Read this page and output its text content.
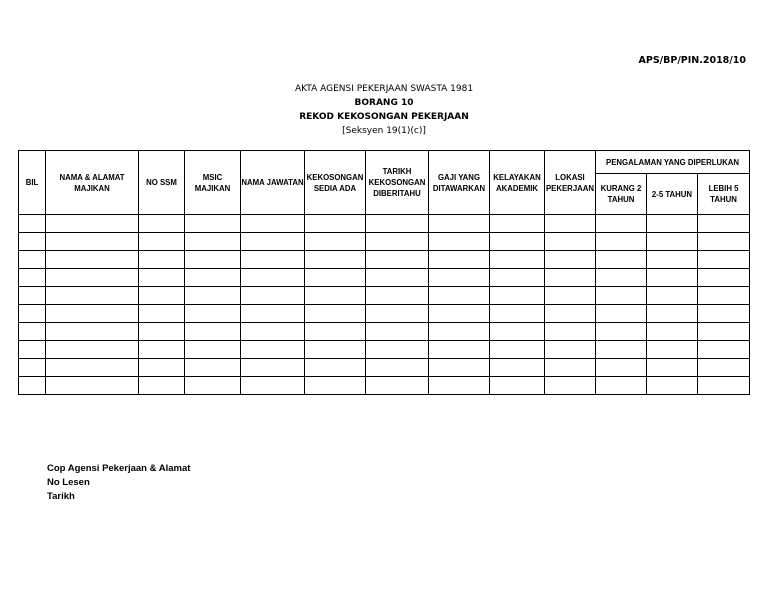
APS/BP/PIN.2018/10
AKTA AGENSI PEKERJAAN SWASTA 1981
BORANG 10
REKOD KEKOSONGAN PEKERJAAN
[Seksyen 19(1)(c)]
BIL	NAMA & ALAMAT MAJIKAN	NO SSM	MSIC MAJIKAN	NAMA JAWATAN	KEKOSONGAN SEDIA ADA	TARIKH KEKOSONGAN DIBERITAHU	GAJI YANG DITAWARKAN	KELAYAKAN AKADEMIK	LOKASI PEKERJAAN	PENGALAMAN YANG DIPERLUKAN		
										KURANG 2 TAHUN	2-5 TAHUN	LEBIH 5 TAHUN

Cop Agensi Pekerjaan & Alamat
No Lesen
Tarikh
